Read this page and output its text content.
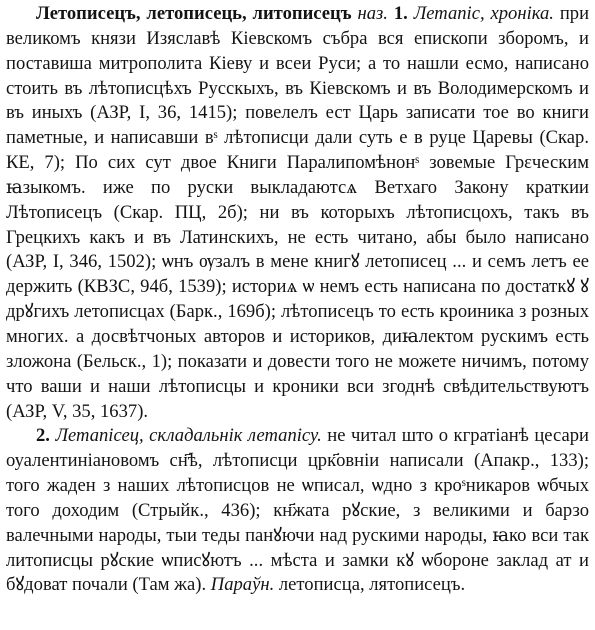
Летописецъ, летописець, литописецъ наз. 1. Летапіс, хроніка. при великомъ князи Изяславѣ Кіевскомъ събра вся епископи зборомъ, и поставиша митрополита Кіеву и всеи Руси; а то нашли есмо, написано стоить въ лѣтописцѣхъ Русскыхъ, въ Кіевскомъ и въ Володимерскомъ и въ иныхъ (АЗР, I, 36, 1415); повелелъ ест Царь записати тое во книги паметные, и написавши вˢ лѣтописци дали суть е в руце Царевы (Скар. КЕ, 7); По сих сут двое Книги Паралипомѣнонˢ зовемые Грεческим ꙗзыкомъ. иже по руски выкладаютсѧ Ветхаго Закону краткии Лѣтописецъ (Скар. ПЦ, 2б); ни въ которыхъ лѣтописцохъ, такъ въ Грецкихъ какъ и въ Латинскихъ, не есть читано, абы было написано (АЗР, I, 346, 1502); ѡнъ ѹзалъ в мене книгꙋ летописец ... и семъ летъ ее держить (КВЗС, 94б, 1539); историѧ ѡ немъ есть написана по достаткꙋ ꙋ дрꙋгихъ летописцах (Барк., 169б); лѣтописецъ то есть кроиника з розных многих. а досвѣтчоных авторов и историков, диꙗлектом рускимъ есть зложона (Бельск., 1); показати и довести того не можете ничимъ, потому что ваши и наши лѣтописцы и кроники вси згоднѣ свѣдительствуютъ (АЗР, V, 35, 1637).

2. Летапісец, складальнік летапісу. не читал што о кгратіанѣ цесари оуалентиніановомъ сн҃ѣ, лѣтописци црк҃овніи написали (Апакр., 133); того жаден з наших лѣтописцов не ѡписал, ѡдно з кроˢникаров ѡбчых того доходим (Стрыйк., 436); кн҃жата рꙋские, з великими и барзо валечными народы, тыи теды панꙋючи над рускими народы, ꙗко вси так литописцы рꙋские ѡписꙋютъ ... мѣста и замки кꙋ ѡбороне заклад ат и бꙋдоват почали (Там жа). Параўн. летописца, лятописецъ.
